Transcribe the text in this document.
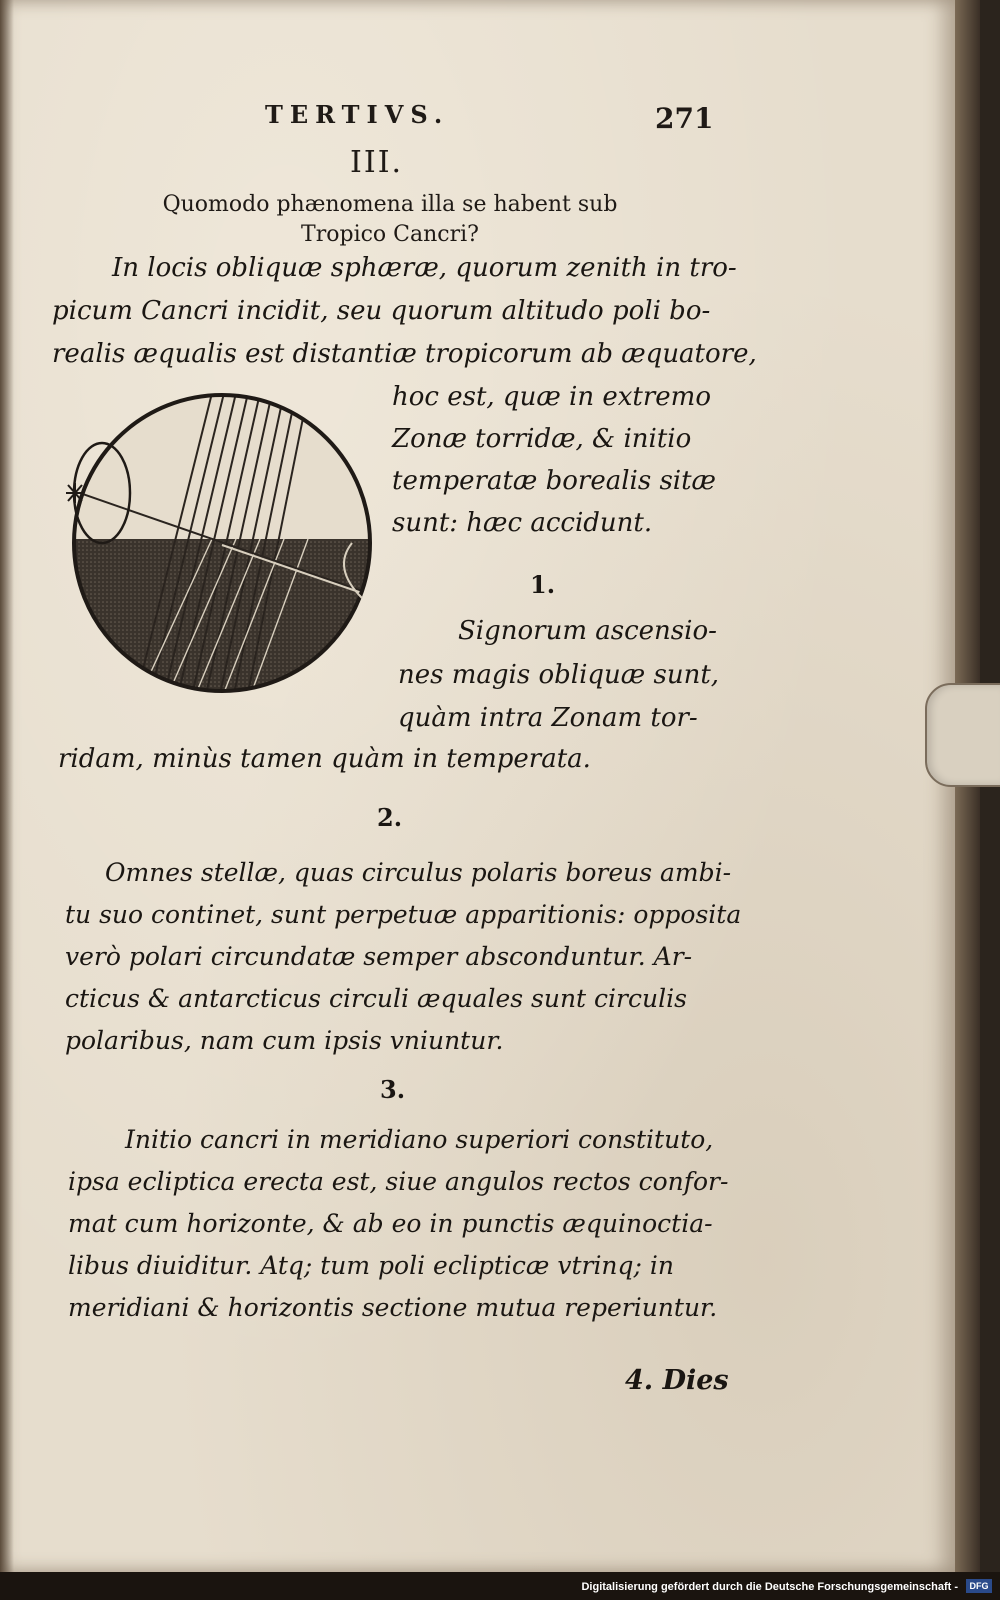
TERTIVS.	271
III.
Quomodo phænomena illa se habent sub
Tropico Cancri?
In locis obliquæ sphæræ, quorum zenith in tro-
picum Cancri incidit, seu quorum altitudo poli bo-
realis æqualis est distantiæ tropicorum ab æquatore,
hoc est, quæ in extremo
Zonæ torridæ, & initio
temperatæ borealis sitæ
sunt: hæc accidunt.
1.
Signorum ascensio-
nes magis obliquæ sunt,
quàm intra Zonam tor-
ridam, minùs tamen quàm in temperata.
2.
Omnes stellæ, quas circulus polaris boreus ambi-
tu suo continet, sunt perpetuæ apparitionis: opposita
verò polari circundatæ semper absconduntur. Ar-
cticus & antarcticus circuli æquales sunt circulis
polaribus, nam cum ipsis vniuntur.
3.
Initio cancri in meridiano superiori constituto,
ipsa ecliptica erecta est, siue angulos rectos confor-
mat cum horizonte, & ab eo in punctis æquinoctia-
libus diuiditur. Atq; tum poli eclipticæ vtrinq; in
meridiani & horizontis sectione mutua reperiuntur.
4. Dies
Digitalisierung gefördert durch die Deutsche Forschungsgemeinschaft -	DFG
